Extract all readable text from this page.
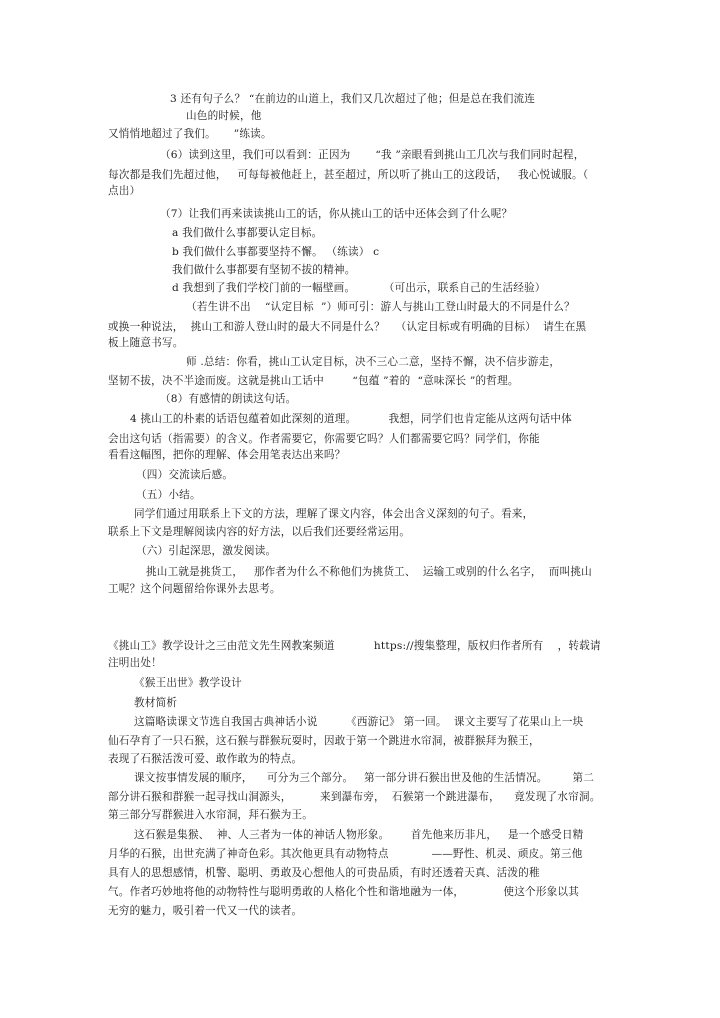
3 还有句子么？ “在前边的山道上，我们又几次超过了他；但是总在我们流连
山色的时候，他
又悄悄地超过了我们。     ”练读。
（6）读到这里，我们可以看到：正因为       “我 ”亲眼看到挑山工几次与我们同时起程，
每次都是我们先超过他，   可每每被他赶上，甚至超过，所以听了挑山工的这段话，   我心悦诚服。（
点出）
（7）让我们再来读读挑山工的话，你从挑山工的话中还体会到了什么呢？
a 我们做什么事都要认定目标。
b 我们做什么事都要坚持不懈。 （练读） c
我们做什么事都要有坚韧不拔的精神。
d 我想到了我们学校门前的一幅壁画。        （可出示，联系自己的生活经验）
（若生讲不出    “认定目标  ”）师可引：游人与挑山工登山时最大的不同是什么？
或换一种说法，  挑山工和游人登山时的最大不同是什么？   （认定目标或有明确的目标）  请生在黑
板上随意书写。
师 .总结：你看，挑山工认定目标，决不三心二意，坚持不懈，决不信步游走，
坚韧不拔，决不半途而废。这就是挑山工话中        “包蕴 ”着的  “意味深长 ”的哲理。
（8）有感情的朗读这句话。
4 挑山工的朴素的话语包蕴着如此深刻的道理。         我想，同学们也肯定能从这两句话中体
会出这句话（指需要）的含义。作者需要它，你需要它吗？人们都需要它吗？同学们，你能
看看这幅图，把你的理解、体会用笔表达出来吗？
（四）交流读后感。
（五）小结。
同学们通过用联系上下文的方法，理解了课文内容，体会出含义深刻的句子。看来，
联系上下文是理解阅读内容的好方法，以后我们还要经常运用。
（六）引起深思，激发阅读。
挑山工就是挑货工，   那作者为什么不称他们为挑货工、  运输工或别的什么名字，  而叫挑山
工呢？这个问题留给你课外去思考。
《挑山工》教学设计之三由范文先生网教案频道           https://搜集整理，版权归作者所有    ，转载请
注明出处！
《猴王出世》教学设计
教材简析
这篇略读课文节选自我国古典神话小说        《西游记》 第一回。  课文主要写了花果山上一块
仙石孕育了一只石猴，这石猴与群猴玩耍时，因敢于第一个跳进水帘洞，被群猴拜为猴王，
表现了石猴活泼可爱、敢作敢为的特点。
课文按事情发展的顺序，    可分为三个部分。   第一部分讲石猴出世及他的生活情况。       第二
部分讲石猴和群猴一起寻找山洞源头，        来到瀑布旁，  石猴第一个跳进瀑布，    竟发现了水帘洞。
第三部分写群猴进入水帘洞，拜石猴为王。
这石猴是集猴、  神、人三者为一体的神话人物形象。      首先他来历非凡，   是一个感受日精
月华的石猴，出世充满了神奇色彩。其次他更具有动物特点            ——野性、机灵、顽皮。第三他
具有人的思想感情，机警、聪明、勇敢及心想他人的可贵品质，有时还透着天真、活泼的稚
气。作者巧妙地将他的动物特性与聪明勇敢的人格化个性和谐地融为一体，           使这个形象以其
无穷的魅力，吸引着一代又一代的读者。
